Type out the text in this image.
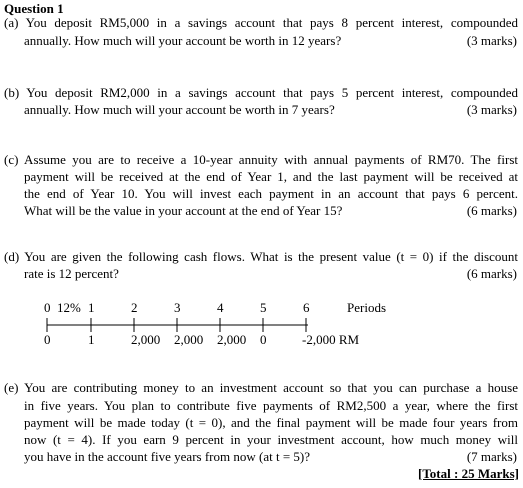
Question 1
(a) You deposit RM5,000 in a savings account that pays 8 percent interest, compounded
annually. How much will your account be worth in 12 years?	(3 marks)
(b) You deposit RM2,000 in a savings account that pays 5 percent interest, compounded
annually. How much will your account be worth in 7 years?	(3 marks)
(c) Assume you are to receive a 10-year annuity with annual payments of RM70. The first
payment will be received at the end of Year 1, and the last payment will be received at
the end of Year 10. You will invest each payment in an account that pays 6 percent.
What will be the value in your account at the end of Year 15?	(6 marks)
(d) You are given the following cash flows. What is the present value (t = 0) if the discount
rate is 12 percent?	(6 marks)
0 12% 1	2	3	4	5	6	Periods
0	1	2,000 2,000 2,000 0	-2,000 RM
(e) You are contributing money to an investment account so that you can purchase a house
in five years. You plan to contribute five payments of RM2,500 a year, where the first
payment will be made today (t = 0), and the final payment will be made four years from
now (t = 4). If you earn 9 percent in your investment account, how much money will
you have in the account five years from now (at t = 5)?	(7 marks)
[Total : 25 Marks]
